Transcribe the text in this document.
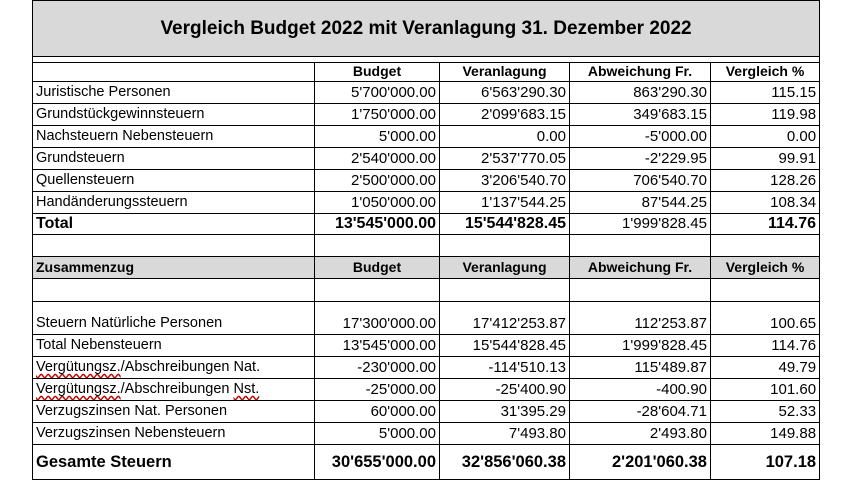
Vergleich Budget 2022 mit Veranlagung 31. Dezember 2022				

	Budget	Veranlagung	Abweichung Fr.	Vergleich %
Juristische Personen	5'700'000.00	6'563'290.30	863'290.30	115.15
Grundstückgewinnsteuern	1'750'000.00	2'099'683.15	349'683.15	119.98
Nachsteuern Nebensteuern	5'000.00	0.00	-5'000.00	0.00
Grundsteuern	2'540'000.00	2'537'770.05	-2'229.95	99.91
Quellensteuern	2'500'000.00	3'206'540.70	706'540.70	128.26
Handänderungssteuern	1'050'000.00	1'137'544.25	87'544.25	108.34
Total	13'545'000.00	15'544'828.45	1'999'828.45	114.76

Zusammenzug	Budget	Veranlagung	Abweichung Fr.	Vergleich %

Steuern Natürliche Personen	17'300'000.00	17'412'253.87	112'253.87	100.65
Total Nebensteuern	13'545'000.00	15'544'828.45	1'999'828.45	114.76
Vergütungsz./Abschreibungen Nat.	-230'000.00	-114'510.13	115'489.87	49.79
Vergütungsz./Abschreibungen Nst.	-25'000.00	-25'400.90	-400.90	101.60
Verzugszinsen Nat. Personen	60'000.00	31'395.29	-28'604.71	52.33
Verzugszinsen Nebensteuern	5'000.00	7'493.80	2'493.80	149.88
Gesamte Steuern	30'655'000.00	32'856'060.38	2'201'060.38	107.18
